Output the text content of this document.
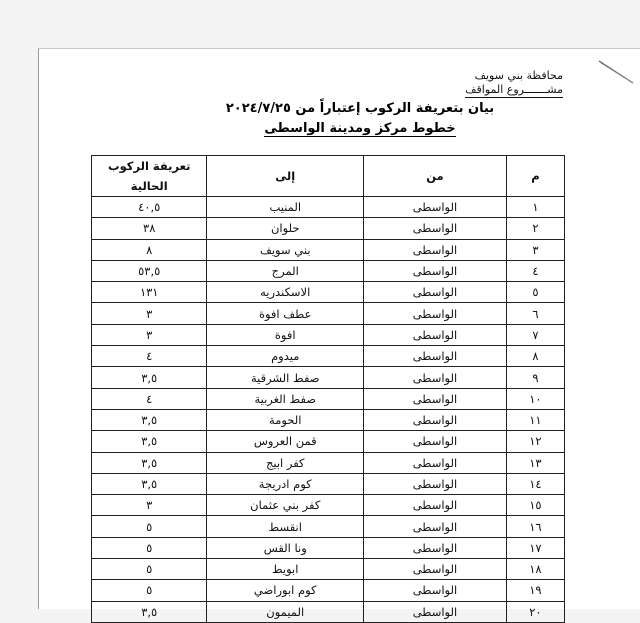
محافظة بني سويف
مشـــــــروع المواقف
بيان بتعريفة الركوب إعتباراً من ٢٠٢٤/٧/٢٥
خطوط مركز ومدينة الواسطى
م	من	إلى	تعريفة الركوب الحالية
١	الواسطى	المنيب	٤٠,٥
٢	الواسطى	حلوان	٣٨
٣	الواسطى	بني سويف	٨
٤	الواسطى	المرج	٥٣,٥
٥	الواسطى	الاسكندريه	١٣١
٦	الواسطى	عطف افوة	٣
٧	الواسطى	افوة	٣
٨	الواسطى	ميدوم	٤
٩	الواسطى	صفط الشرقية	٣,٥
١٠	الواسطى	صفط الغربية	٤
١١	الواسطى	الحومة	٣,٥
١٢	الواسطى	قمن العروس	٣,٥
١٣	الواسطى	كفر ابيج	٣,٥
١٤	الواسطى	كوم ادريجة	٣,٥
١٥	الواسطى	كفر بني عثمان	٣
١٦	الواسطى	انقسط	٥
١٧	الواسطى	ونا القس	٥
١٨	الواسطى	ابويط	٥
١٩	الواسطى	كوم ابوراضي	٥
٢٠	الواسطى	الميمون	٣,٥
